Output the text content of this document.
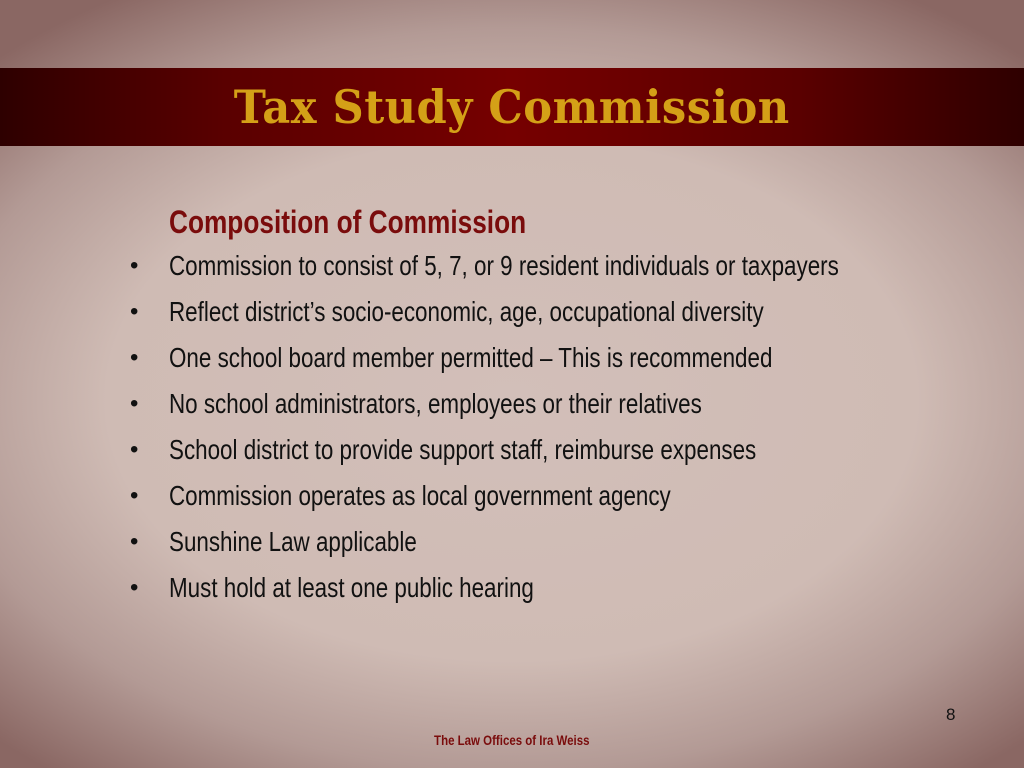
Tax Study Commission
Composition of Commission
• Commission to consist of 5, 7, or 9 resident individuals or taxpayers
• Reflect district’s socio-economic, age, occupational diversity
• One school board member permitted – This is recommended
• No school administrators, employees or their relatives
• School district to provide support staff, reimburse expenses
• Commission operates as local government agency
• Sunshine Law applicable
• Must hold at least one public hearing
8
The Law Offices of Ira Weiss
